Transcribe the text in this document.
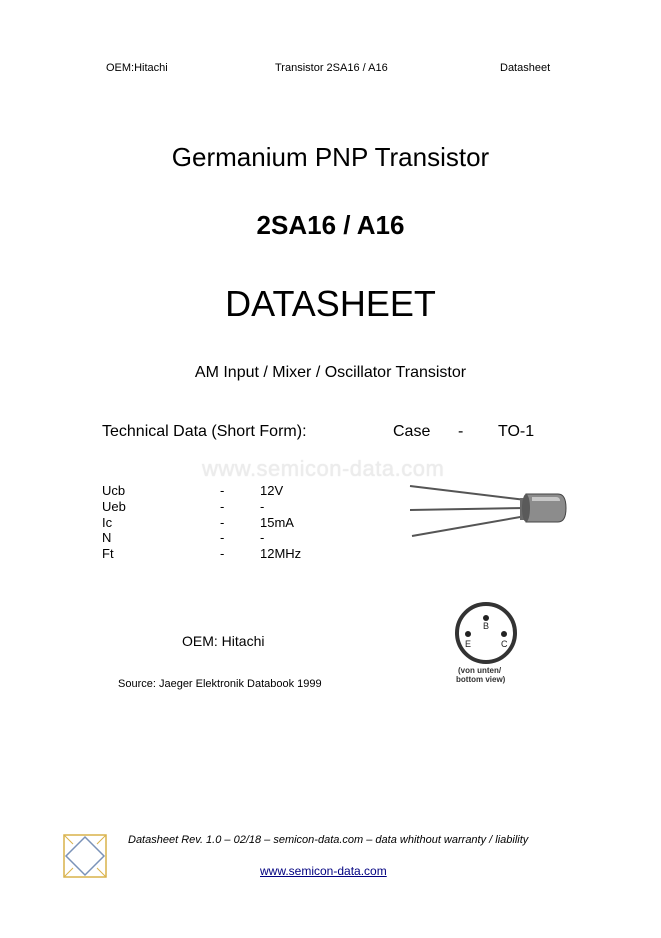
OEM:Hitachi	Transistor 2SA16 / A16	Datasheet
Germanium PNP Transistor
2SA16 / A16
DATASHEET
AM Input / Mixer / Oscillator Transistor
Technical Data (Short Form):	Case - TO-1
www.semicon-data.com
Ucb	-	12V
Ueb	-	-
Ic	-	15mA
N	-	-
Ft	-	12MHz
B
E	C
(von unten/
bottom view)
OEM: Hitachi
Source: Jaeger Elektronik Databook 1999
Datasheet Rev. 1.0 – 02/18 – semicon-data.com – data whithout warranty / liability
www.semicon-data.com
